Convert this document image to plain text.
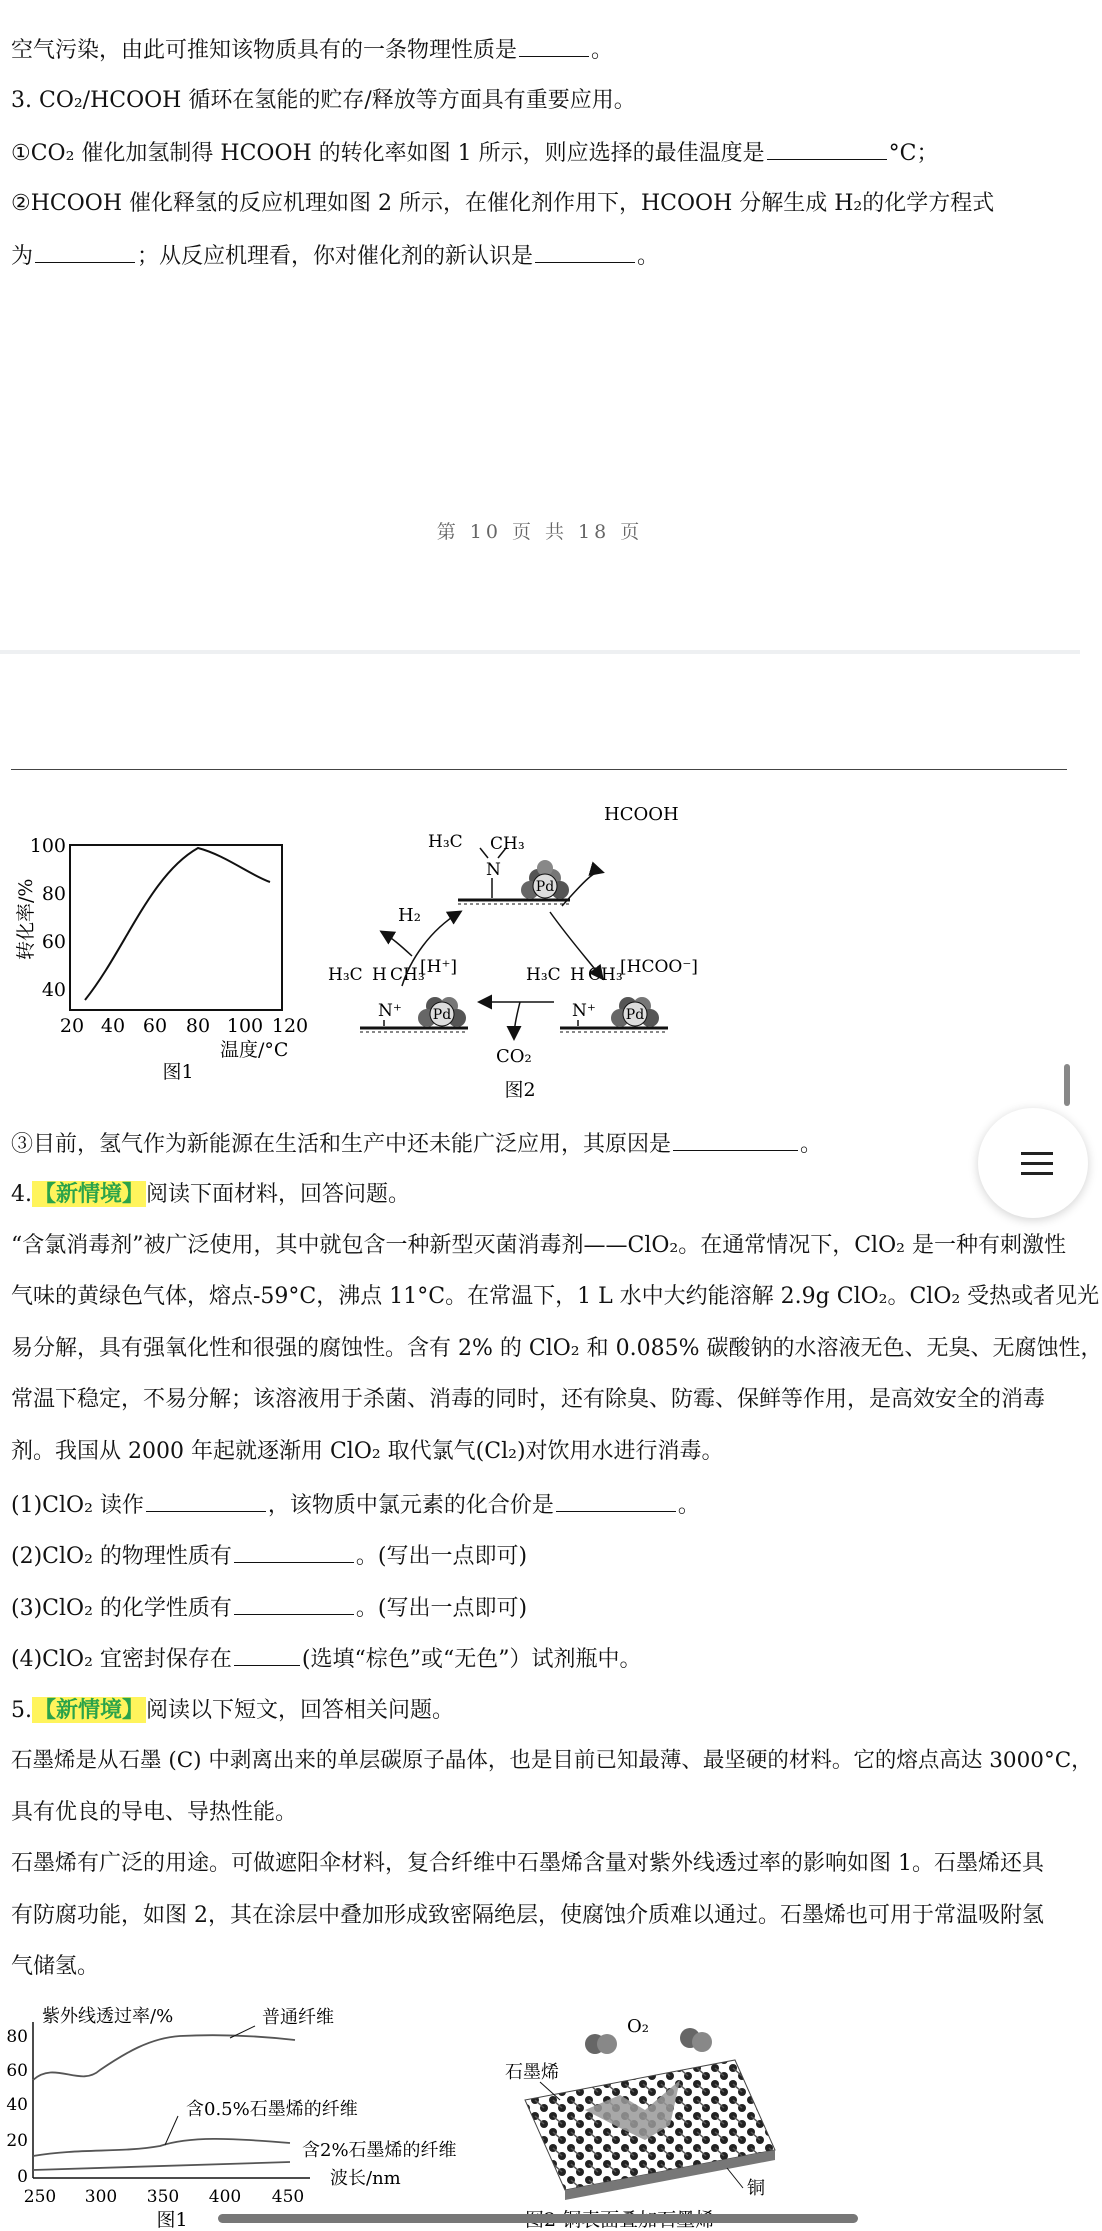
空气污染，由此可推知该物质具有的一条物理性质是	。
3. CO₂/HCOOH 循环在氢能的贮存/释放等方面具有重要应用。
①CO₂ 催化加氢制得 HCOOH 的转化率如图 1 所示，则应选择的最佳温度是	°C；
②HCOOH 催化释氢的反应机理如图 2 所示，在催化剂作用下，HCOOH 分解生成 H₂的化学方程式
为	；从反应机理看，你对催化剂的新认识是	。
第 10 页 共 18 页
100
80
60
40
20 40 60 80 100 120
转化率/%
温度/°C
图1
Pd
N
H₃C CH₃
Pd
N⁺
H₃C H CH₃
[H⁺]
Pd
N⁺
H₃C H CH₃
[HCOO⁻]
HCOOH
H₂
CO₂
图2
③目前，氢气作为新能源在生活和生产中还未能广泛应用，其原因是	。
4.【新情境】阅读下面材料，回答问题。
“含氯消毒剂”被广泛使用，其中就包含一种新型灭菌消毒剂——ClO₂。在通常情况下，ClO₂ 是一种有刺激性
气味的黄绿色气体，熔点-59°C，沸点 11°C。在常温下，1 L 水中大约能溶解 2.9g ClO₂。ClO₂ 受热或者见光
易分解，具有强氧化性和很强的腐蚀性。含有 2% 的 ClO₂ 和 0.085% 碳酸钠的水溶液无色、无臭、无腐蚀性，
常温下稳定，不易分解；该溶液用于杀菌、消毒的同时，还有除臭、防霉、保鲜等作用，是高效安全的消毒
剂。我国从 2000 年起就逐渐用 ClO₂ 取代氯气(Cl₂)对饮用水进行消毒。
(1)ClO₂ 读作	，该物质中氯元素的化合价是	。
(2)ClO₂ 的物理性质有	。(写出一点即可)
(3)ClO₂ 的化学性质有	。(写出一点即可)
(4)ClO₂ 宜密封保存在	(选填“棕色”或“无色”）试剂瓶中。
5.【新情境】阅读以下短文，回答相关问题。
石墨烯是从石墨 (C) 中剥离出来的单层碳原子晶体，也是目前已知最薄、最坚硬的材料。它的熔点高达 3000°C，
具有优良的导电、导热性能。
石墨烯有广泛的用途。可做遮阳伞材料，复合纤维中石墨烯含量对紫外线透过率的影响如图 1。石墨烯还具
有防腐功能，如图 2，其在涂层中叠加形成致密隔绝层，使腐蚀介质难以通过。石墨烯也可用于常温吸附氢
气储氢。
紫外线透过率/%
80
60
40
20
0
250 300 350 400 450
普通纤维
含0.5%石墨烯的纤维
含2%石墨烯的纤维
波长/nm
图1
O₂
石墨烯
铜
